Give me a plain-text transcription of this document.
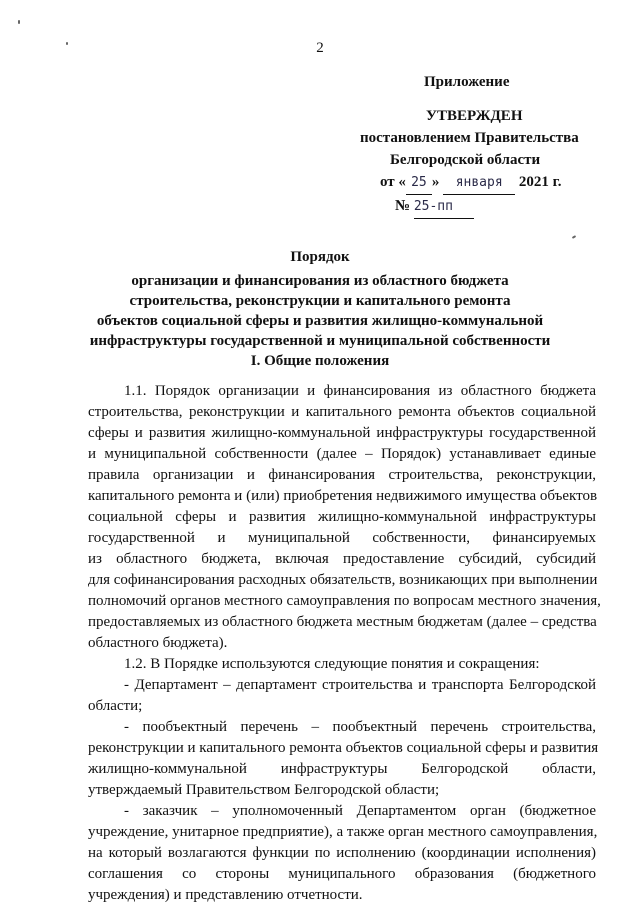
2
Приложение
УТВЕРЖДЕН
постановлением Правительства
Белгородской области
от « 25 » января 2021 г.
№ 25-пп
Порядок
организации и финансирования из областного бюджета
строительства, реконструкции и капитального ремонта
объектов социальной сферы и развития жилищно-коммунальной
инфраструктуры государственной и муниципальной собственности
I. Общие положения
1.1. Порядок организации и финансирования из областного бюджета
строительства, реконструкции и капитального ремонта объектов социальной
сферы и развития жилищно-коммунальной инфраструктуры государственной
и муниципальной собственности (далее – Порядок) устанавливает единые
правила организации и финансирования строительства, реконструкции,
капитального ремонта и (или) приобретения недвижимого имущества объектов
социальной сферы и развития жилищно-коммунальной инфраструктуры
государственной и муниципальной собственности, финансируемых
из областного бюджета, включая предоставление субсидий, субсидий
для софинансирования расходных обязательств, возникающих при выполнении
полномочий органов местного самоуправления по вопросам местного значения,
предоставляемых из областного бюджета местным бюджетам (далее – средства
областного бюджета).
1.2. В Порядке используются следующие понятия и сокращения:
- Департамент – департамент строительства и транспорта Белгородской
области;
- пообъектный перечень – пообъектный перечень строительства,
реконструкции и капитального ремонта объектов социальной сферы и развития
жилищно-коммунальной инфраструктуры Белгородской области,
утверждаемый Правительством Белгородской области;
- заказчик – уполномоченный Департаментом орган (бюджетное
учреждение, унитарное предприятие), а также орган местного самоуправления,
на который возлагаются функции по исполнению (координации исполнения)
соглашения со стороны муниципального образования (бюджетного
учреждения) и представлению отчетности.
